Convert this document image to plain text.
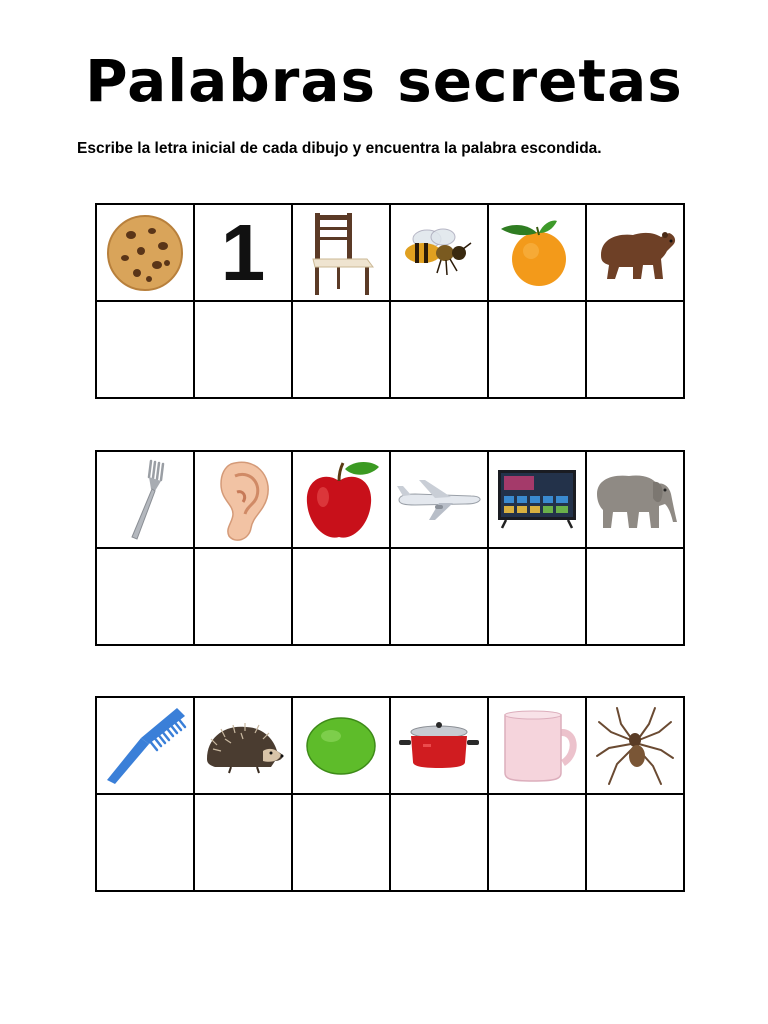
Palabras secretas
Escribe la letra inicial de cada dibujo y encuentra la palabra escondida.
	1	
